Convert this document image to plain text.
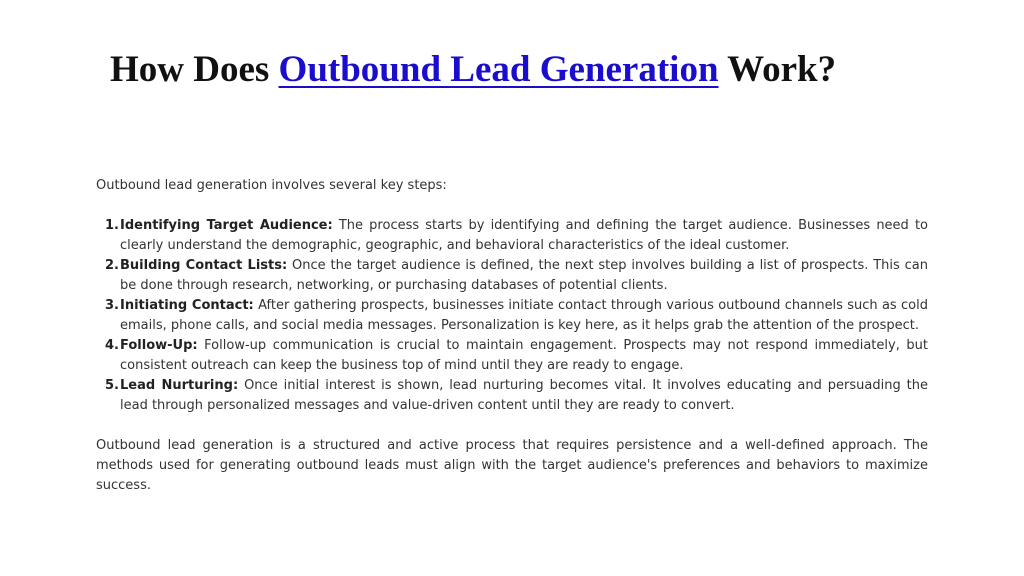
How Does Outbound Lead Generation Work?

Outbound lead generation involves several key steps:

1. Identifying Target Audience: The process starts by identifying and defining the target audience. Businesses need to clearly understand the demographic, geographic, and behavioral characteristics of the ideal customer.
2. Building Contact Lists: Once the target audience is defined, the next step involves building a list of prospects. This can be done through research, networking, or purchasing databases of potential clients.
3. Initiating Contact: After gathering prospects, businesses initiate contact through various outbound channels such as cold emails, phone calls, and social media messages. Personalization is key here, as it helps grab the attention of the prospect.
4. Follow-Up: Follow-up communication is crucial to maintain engagement. Prospects may not respond immediately, but consistent outreach can keep the business top of mind until they are ready to engage.
5. Lead Nurturing: Once initial interest is shown, lead nurturing becomes vital. It involves educating and persuading the lead through personalized messages and value-driven content until they are ready to convert.

Outbound lead generation is a structured and active process that requires persistence and a well-defined approach. The methods used for generating outbound leads must align with the target audience's preferences and behaviors to maximize success.
